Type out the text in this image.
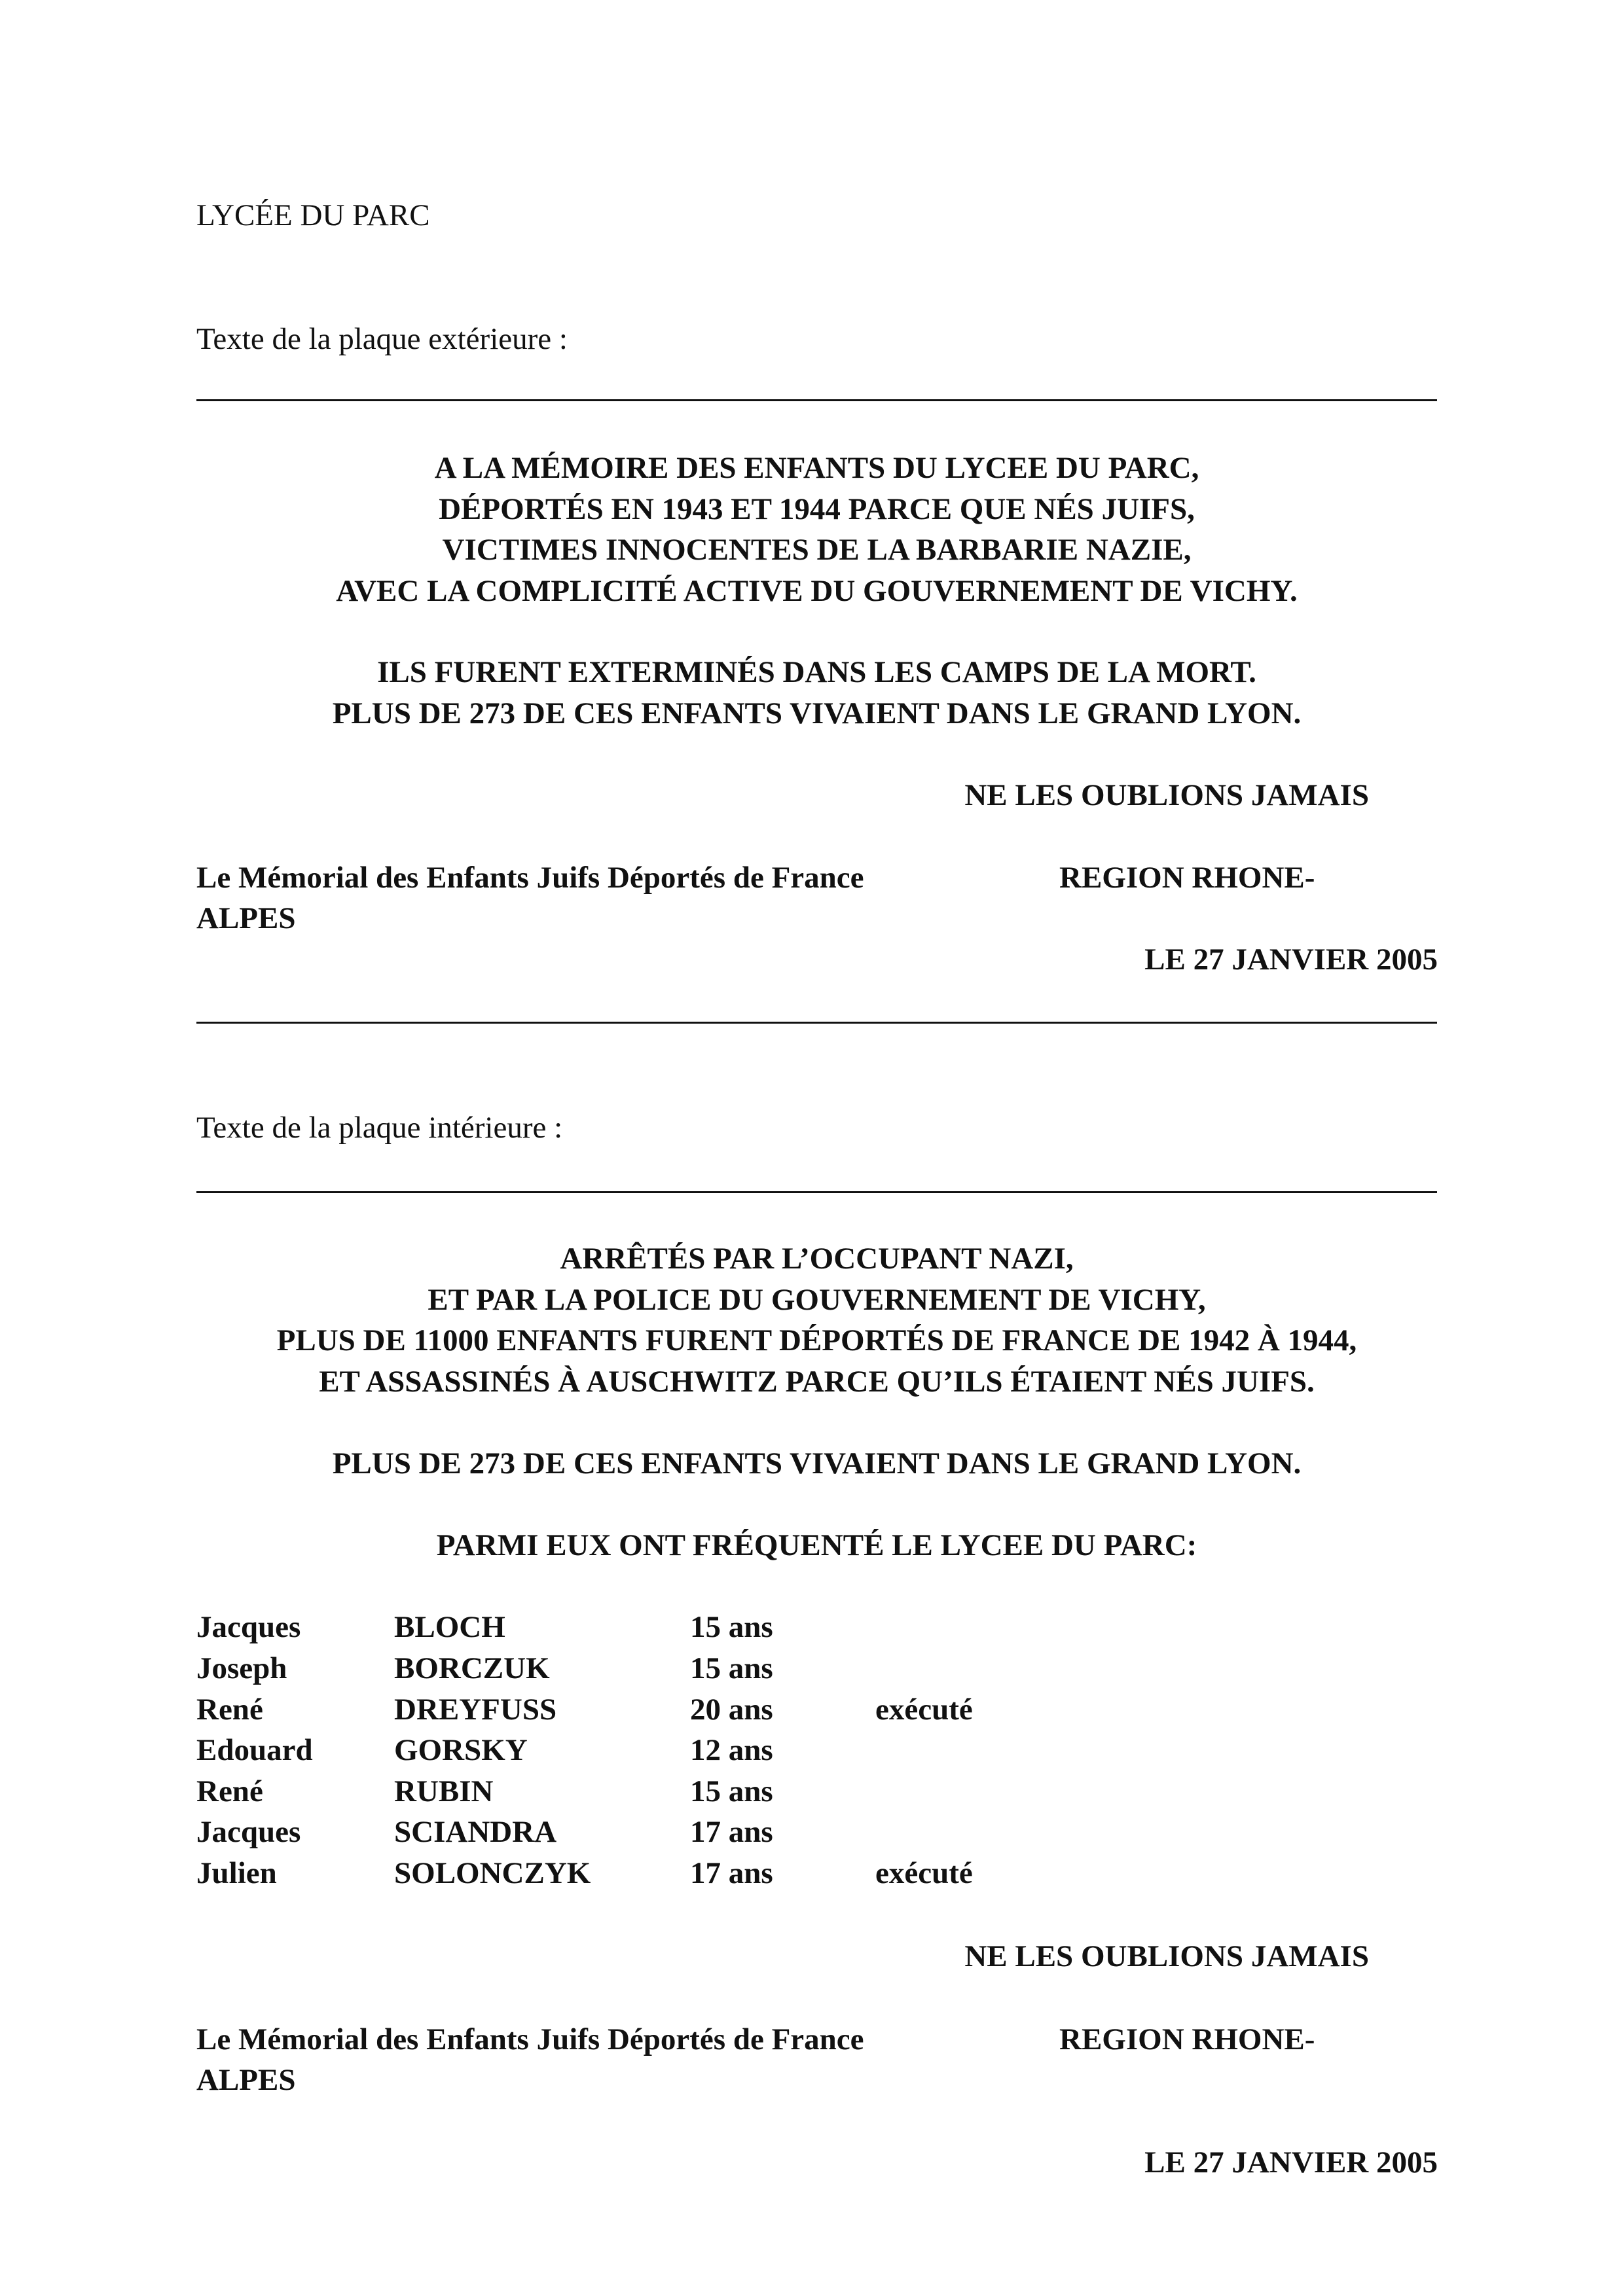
LYCÉE DU PARC
Texte de la plaque extérieure :
A LA MÉMOIRE DES ENFANTS DU LYCEE DU PARC,
DÉPORTÉS EN 1943 ET 1944 PARCE QUE NÉS JUIFS,
VICTIMES INNOCENTES DE LA BARBARIE NAZIE,
AVEC LA COMPLICITÉ ACTIVE DU GOUVERNEMENT DE VICHY.
ILS FURENT EXTERMINÉS DANS LES CAMPS DE LA MORT.
PLUS DE 273 DE CES ENFANTS VIVAIENT DANS LE GRAND LYON.
NE LES OUBLIONS JAMAIS
Le Mémorial des Enfants Juifs Déportés de France	REGION RHONE-
ALPES
LE 27 JANVIER 2005
Texte de la plaque intérieure :
ARRÊTÉS PAR L’OCCUPANT NAZI,
ET PAR LA POLICE DU GOUVERNEMENT DE VICHY,
PLUS DE 11000 ENFANTS FURENT DÉPORTÉS DE FRANCE DE 1942 À 1944,
ET ASSASSINÉS À AUSCHWITZ PARCE QU’ILS ÉTAIENT NÉS JUIFS.
PLUS DE 273 DE CES ENFANTS VIVAIENT DANS LE GRAND LYON.
PARMI EUX ONT FRÉQUENTÉ LE LYCEE DU PARC:
Jacques	BLOCH	15 ans
Joseph	BORCZUK	15 ans
René	DREYFUSS	20 ans	exécuté
Edouard	GORSKY	12 ans
René	RUBIN	15 ans
Jacques	SCIANDRA	17 ans
Julien	SOLONCZYK	17 ans	exécuté
NE LES OUBLIONS JAMAIS
Le Mémorial des Enfants Juifs Déportés de France	REGION RHONE-
ALPES
LE 27 JANVIER 2005
